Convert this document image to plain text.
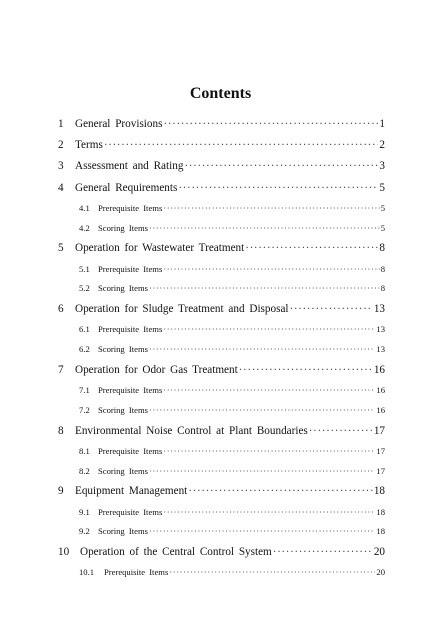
Contents
1	General Provisions ·····	1
2	Terms ·····	2
3	Assessment and Rating ·····	3
4	General Requirements ·····	5
4.1 Prerequisite Items ·····	5
4.2 Scoring Items ·····	5
5	Operation for Wastewater Treatment ·····	8
5.1 Prerequisite Items ·····	8
5.2 Scoring Items ·····	8
6	Operation for Sludge Treatment and Disposal ·····	13
6.1 Prerequisite Items ·····	13
6.2 Scoring Items ·····	13
7	Operation for Odor Gas Treatment ·····	16
7.1 Prerequisite Items ·····	16
7.2 Scoring Items ·····	16
8	Environmental Noise Control at Plant Boundaries ·····	17
8.1 Prerequisite Items ·····	17
8.2 Scoring Items ·····	17
9	Equipment Management ·····	18
9.1 Prerequisite Items ·····	18
9.2 Scoring Items ·····	18
10 Operation of the Central Control System ·····	20
10.1	Prerequisite Items ·····	20
